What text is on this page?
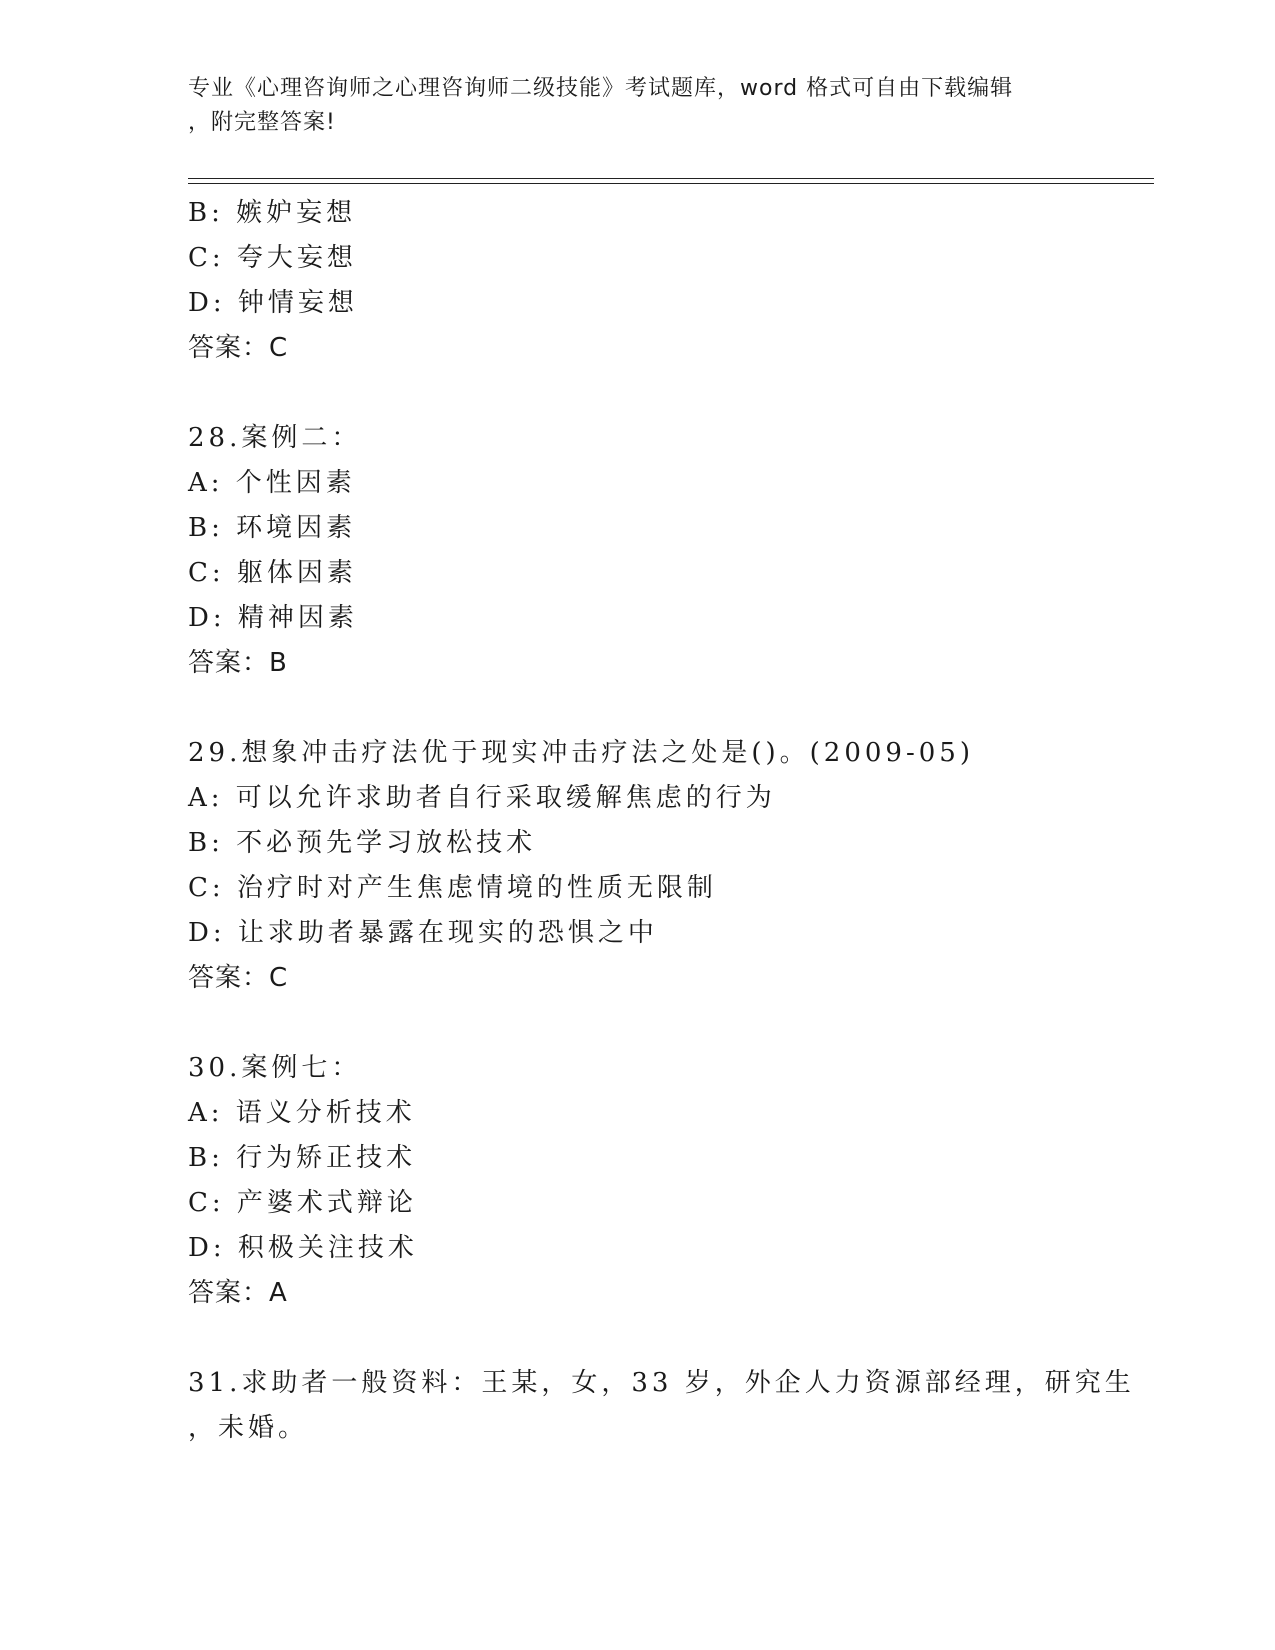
专业《心理咨询师之心理咨询师二级技能》考试题库，word 格式可自由下载编辑
，附完整答案!
B: 嫉妒妄想
C: 夸大妄想
D: 钟情妄想
答案：C
28.案例二：
A: 个性因素
B: 环境因素
C: 躯体因素
D: 精神因素
答案：B
29.想象冲击疗法优于现实冲击疗法之处是()。(2009-05)
A: 可以允许求助者自行采取缓解焦虑的行为
B: 不必预先学习放松技术
C: 治疗时对产生焦虑情境的性质无限制
D: 让求助者暴露在现实的恐惧之中
答案：C
30.案例七：
A: 语义分析技术
B: 行为矫正技术
C: 产婆术式辩论
D: 积极关注技术
答案：A
31.求助者一般资料：王某，女，33 岁，外企人力资源部经理，研究生
，未婚。
